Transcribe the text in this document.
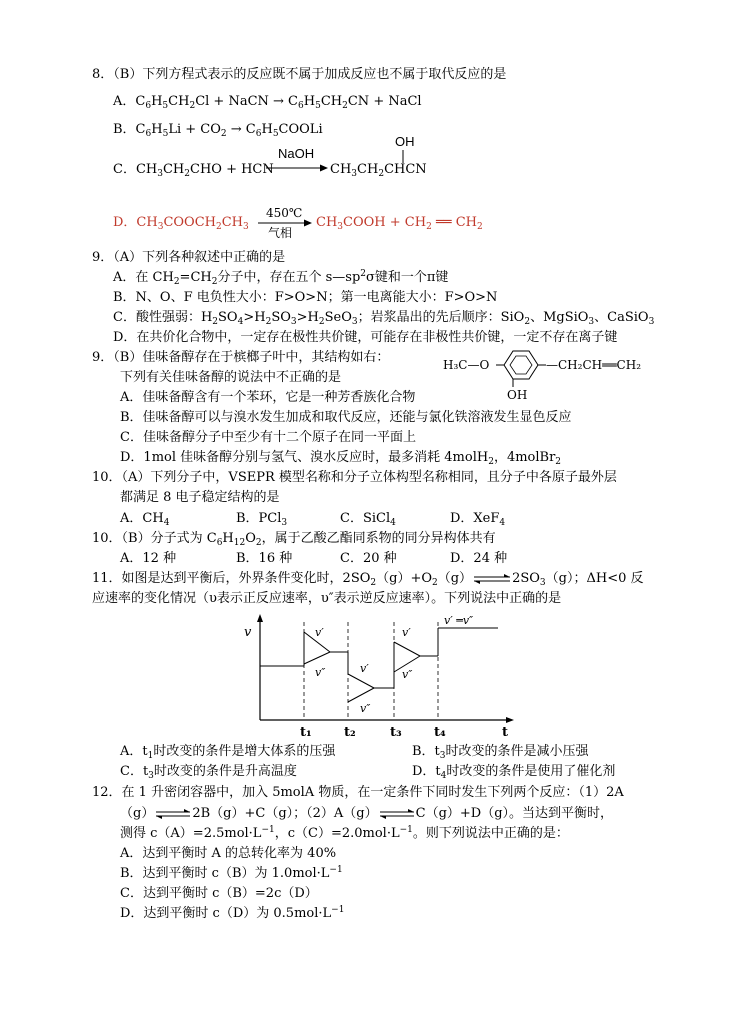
8．（B）下列方程式表示的反应既不属于加成反应也不属于取代反应的是
A．$C_6H_5CH_2Cl$ + NaCN → $C_6H_5CH_2CN$ + NaCl
B．$C_6H_5Li + CO_2$ → $C_6H_5COOLi$
C．$CH_3CH_2CHO$ + HCN
NaOH
$CH_3CH_2CHCN$
OH
D．$CH_3COOCH_2CH_3$
450℃
气相
$CH_3COOH + CH_2$ ══ $CH_2$
9．（A）下列各种叙述中正确的是
A．在 $CH_2=CH_2$分子中，存在五个 $s—sp^2\sigma$键和一个π键
B．N、O、F 电负性大小：F>O>N；第一电离能大小：F>O>N
C．酸性强弱：$H_2SO_4>H_2SO_3>H_2SeO_3$；岩浆晶出的先后顺序：SiO$_2$、MgSiO$_3$、CaSiO$_3$
D．在共价化合物中，一定存在极性共价键，可能存在非极性共价键，一定不存在离子键
9．（B）佳味备醇存在于槟榔子叶中，其结构如右：
下列有关佳味备醇的说法中不正确的是
H₃C—O	—CH₂CH══CH₂
OH
A．佳味备醇含有一个苯环，它是一种芳香族化合物
B．佳味备醇可以与溴水发生加成和取代反应，还能与氯化铁溶液发生显色反应
C．佳味备醇分子中至少有十二个原子在同一平面上
D．1mol 佳味备醇分别与氢气、溴水反应时，最多消耗 4molH$_2$，4molBr$_2$
10．（A）下列分子中，VSEPR 模型名称和分子立体构型名称相同，且分子中各原子最外层
都满足 8 电子稳定结构的是
A．$CH_4$	B．PCl$_3$	C．SiCl$_4$	D．XeF$_4$
10．（B）分子式为 $C_6H_{12}O_2$，属于乙酸乙酯同系物的同分异构体共有
A．12 种	B．16 种	C．20 种	D．24 种
11．如图是达到平衡后，外界条件变化时，$2SO_2(g)+O_2(g)\rightleftharpoons 2SO_3(g)$；ΔH<0 反
应速率的变化情况（υ表示正反应速率，υ″表示逆反应速率）。下列说法中正确的是
v
t
v′
v″	v′
v″
v′
v″
v′ ═v″
t₁ t₂	t₃ t₄
A．$t_1$时改变的条件是增大体系的压强	B．$t_3$时改变的条件是减小压强
C．$t_3$时改变的条件是升高温度	D．$t_4$时改变的条件是使用了催化剂
12．在 1 升密闭容器中，加入 5molA 物质，在一定条件下同时发生下列两个反应：（1）2A
（g）⇌2B（g）+C（g）；（2）A（g）⇌C（g）+D（g）。当达到平衡时，
测得 $c(A)=2.5mol\cdot L^{-1}$，$c(C)=2.0mol\cdot L^{-1}$。则下列说法中正确的是：
A．达到平衡时 A 的总转化率为 40%
B．达到平衡时 c（B）为 $1.0mol\cdot L^{-1}$
C．达到平衡时 c（B）=2c（D）
D．达到平衡时 c（D）为 $0.5mol\cdot L^{-1}$
